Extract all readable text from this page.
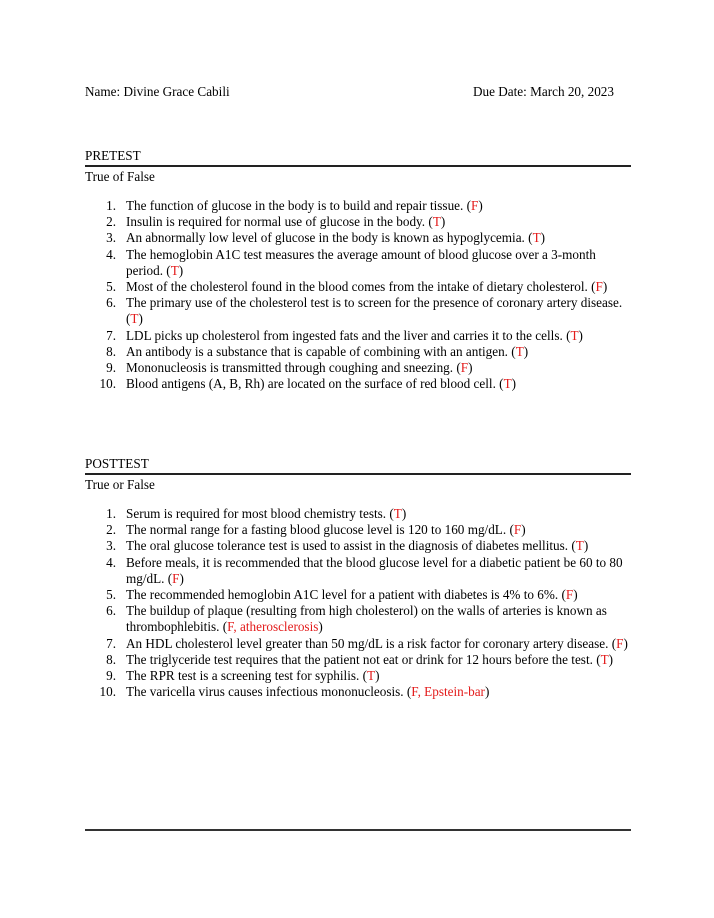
Name: Divine Grace Cabili	Due Date: March 20, 2023
PRETEST
True of False
1. The function of glucose in the body is to build and repair tissue. (F)
2. Insulin is required for normal use of glucose in the body. (T)
3. An abnormally low level of glucose in the body is known as hypoglycemia. (T)
4. The hemoglobin A1C test measures the average amount of blood glucose over a 3-month period. (T)
5. Most of the cholesterol found in the blood comes from the intake of dietary cholesterol. (F)
6. The primary use of the cholesterol test is to screen for the presence of coronary artery disease. (T)
7. LDL picks up cholesterol from ingested fats and the liver and carries it to the cells. (T)
8. An antibody is a substance that is capable of combining with an antigen. (T)
9. Mononucleosis is transmitted through coughing and sneezing. (F)
10. Blood antigens (A, B, Rh) are located on the surface of red blood cell. (T)
POSTTEST
True or False
1. Serum is required for most blood chemistry tests. (T)
2. The normal range for a fasting blood glucose level is 120 to 160 mg/dL. (F)
3. The oral glucose tolerance test is used to assist in the diagnosis of diabetes mellitus. (T)
4. Before meals, it is recommended that the blood glucose level for a diabetic patient be 60 to 80 mg/dL. (F)
5. The recommended hemoglobin A1C level for a patient with diabetes is 4% to 6%. (F)
6. The buildup of plaque (resulting from high cholesterol) on the walls of arteries is known as thrombophlebitis. (F, atherosclerosis)
7. An HDL cholesterol level greater than 50 mg/dL is a risk factor for coronary artery disease. (F)
8. The triglyceride test requires that the patient not eat or drink for 12 hours before the test. (T)
9. The RPR test is a screening test for syphilis. (T)
10. The varicella virus causes infectious mononucleosis. (F, Epstein-bar)
